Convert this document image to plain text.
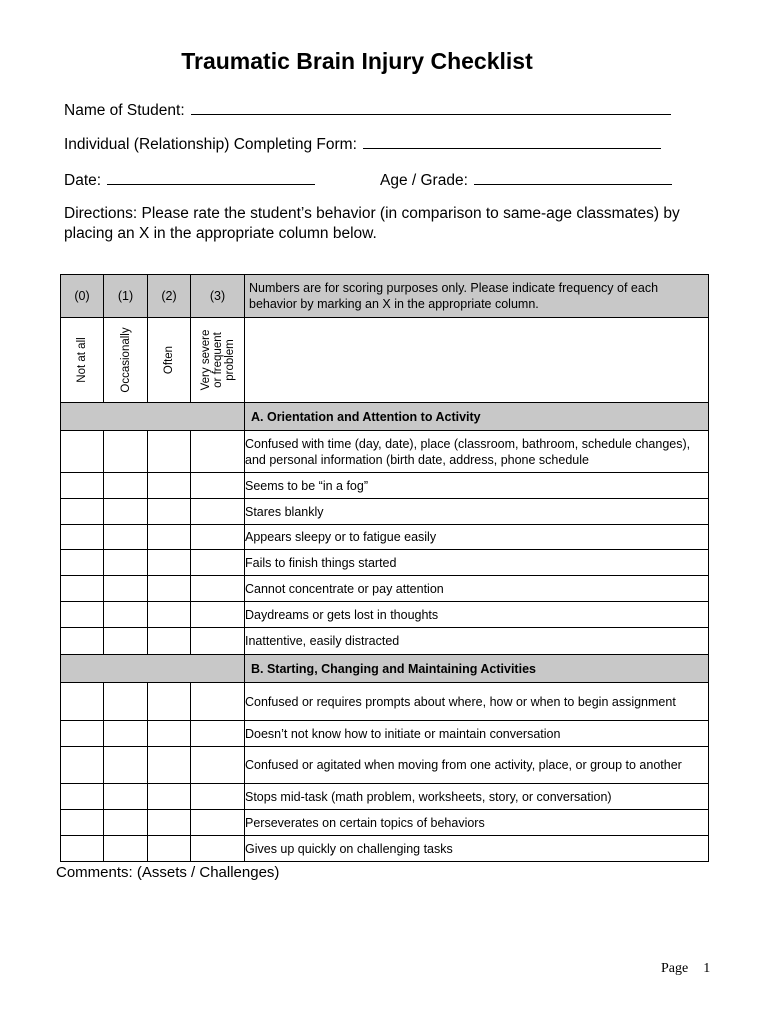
Traumatic Brain Injury Checklist
Name of Student:
Individual (Relationship) Completing Form:
Date:	Age / Grade:
Directions: Please rate the student’s behavior (in comparison to same-age classmates) by placing an X in the appropriate column below.
(0)	(1)	(2)	(3)	Numbers are for scoring purposes only. Please indicate frequency of each behavior by marking an X in the appropriate column.

Not at all	Occasionally	Often	Very severe or frequent problem	

				A. Orientation and Attention to Activity
				Confused with time (day, date), place (classroom, bathroom, schedule changes), and personal information (birth date, address, phone schedule
				Seems to be “in a fog”
				Stares blankly
				Appears sleepy or to fatigue easily
				Fails to finish things started
				Cannot concentrate or pay attention
				Daydreams or gets lost in thoughts
				Inattentive, easily distracted
				B. Starting, Changing and Maintaining Activities
				Confused or requires prompts about where, how or when to begin assignment
				Doesn’t not know how to initiate or maintain conversation
				Confused or agitated when moving from one activity, place, or group to another
				Stops mid-task (math problem, worksheets, story, or conversation)
				Perseverates on certain topics of behaviors
				Gives up quickly on challenging tasks
Comments: (Assets / Challenges)
Page 1
